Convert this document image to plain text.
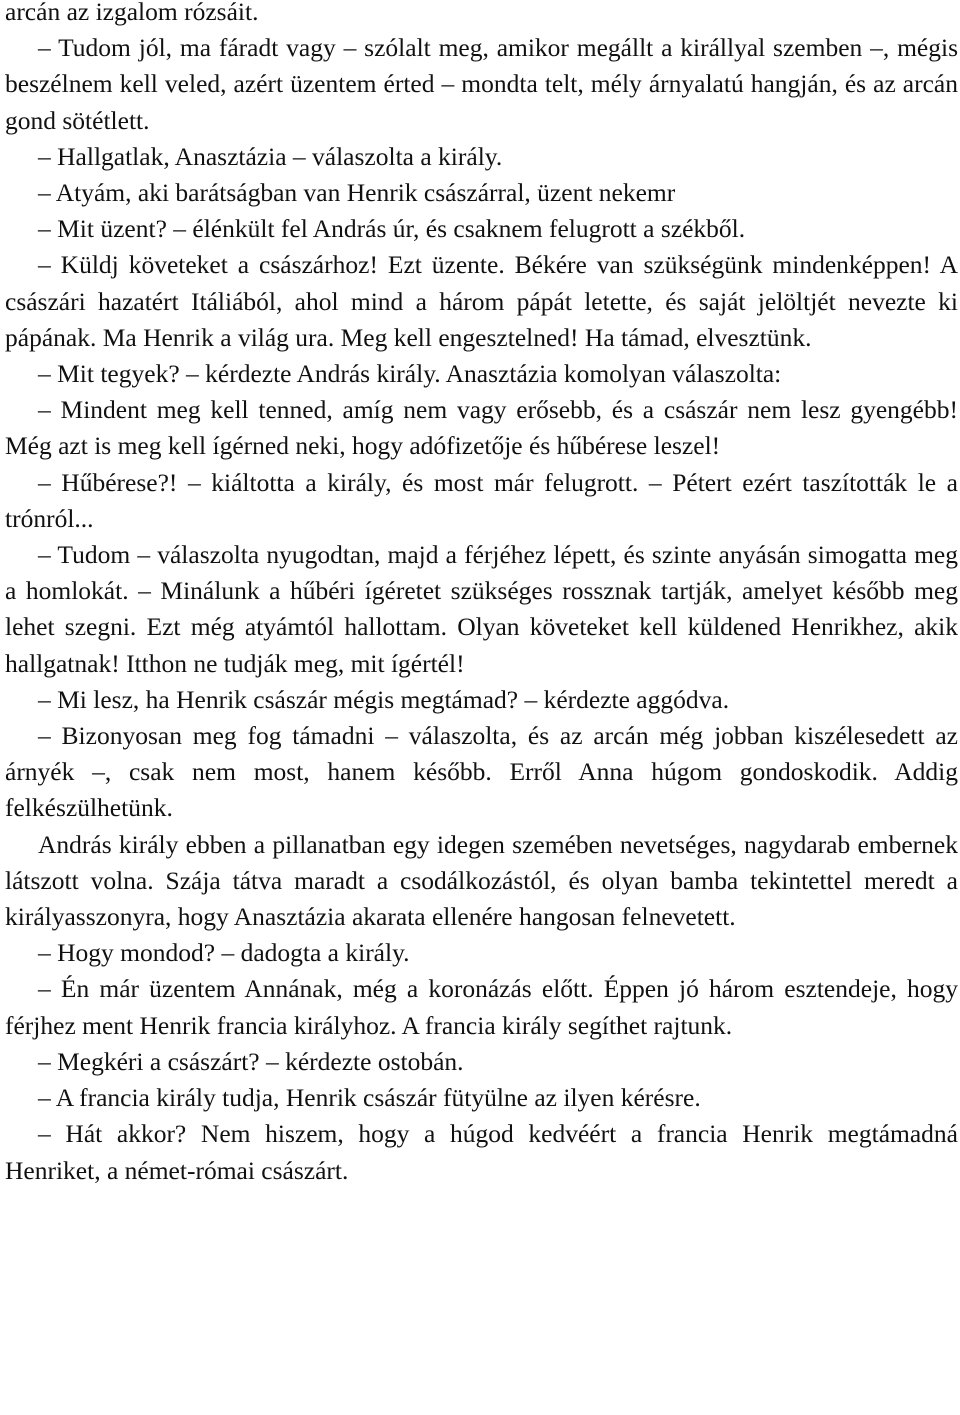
arcán az izgalom rózsáit.

– Tudom jól, ma fáradt vagy – szólalt meg, amikor megállt a királlyal szemben –, mégis beszélnem kell veled, azért üzentem érted – mondta telt, mély árnyalatú hangján, és az arcán gond sötétlett.

– Hallgatlak, Anasztázia – válaszolta a király.

– Atyám, aki barátságban van Henrik császárral, üzent nekemr

– Mit üzent? – élénkült fel András úr, és csaknem felugrott a székből.

– Küldj követeket a császárhoz! Ezt üzente. Békére van szükségünk mindenképpen! A császári hazatért Itáliából, ahol mind a három pápát letette, és saját jelöltjét nevezte ki pápának. Ma Henrik a világ ura. Meg kell engesztelned! Ha támad, elvesztünk.

– Mit tegyek? – kérdezte András király. Anasztázia komolyan válaszolta:

– Mindent meg kell tenned, amíg nem vagy erősebb, és a császár nem lesz gyengébb! Még azt is meg kell ígérned neki, hogy adófizetője és hűbérese leszel!

– Hűbérese?! – kiáltotta a király, és most már felugrott. – Pétert ezért taszították le a trónról...

– Tudom – válaszolta nyugodtan, majd a férjéhez lépett, és szinte anyásán simogatta meg a homlokát. – Minálunk a hűbéri ígéretet szükséges rossznak tartják, amelyet később meg lehet szegni. Ezt még atyámtól hallottam. Olyan követeket kell küldened Henrikhez, akik hallgatnak! Itthon ne tudják meg, mit ígértél!

– Mi lesz, ha Henrik császár mégis megtámad? – kérdezte aggódva.

– Bizonyosan meg fog támadni – válaszolta, és az arcán még jobban kiszélesedett az árnyék –, csak nem most, hanem később. Erről Anna húgom gondoskodik. Addig felkészülhetünk.

András király ebben a pillanatban egy idegen szemében nevetséges, nagydarab embernek látszott volna. Szája tátva maradt a csodálkozástól, és olyan bamba tekintettel meredt a királyasszonyra, hogy Anasztázia akarata ellenére hangosan felnevetett.

– Hogy mondod? – dadogta a király.

– Én már üzentem Annának, még a koronázás előtt. Éppen jó három esztendeje, hogy férjhez ment Henrik francia királyhoz. A francia király segíthet rajtunk.

– Megkéri a császárt? – kérdezte ostobán.

– A francia király tudja, Henrik császár fütyülne az ilyen kérésre.

– Hát akkor? Nem hiszem, hogy a húgod kedvéért a francia Henrik megtámadná Henriket, a német-római császárt.
